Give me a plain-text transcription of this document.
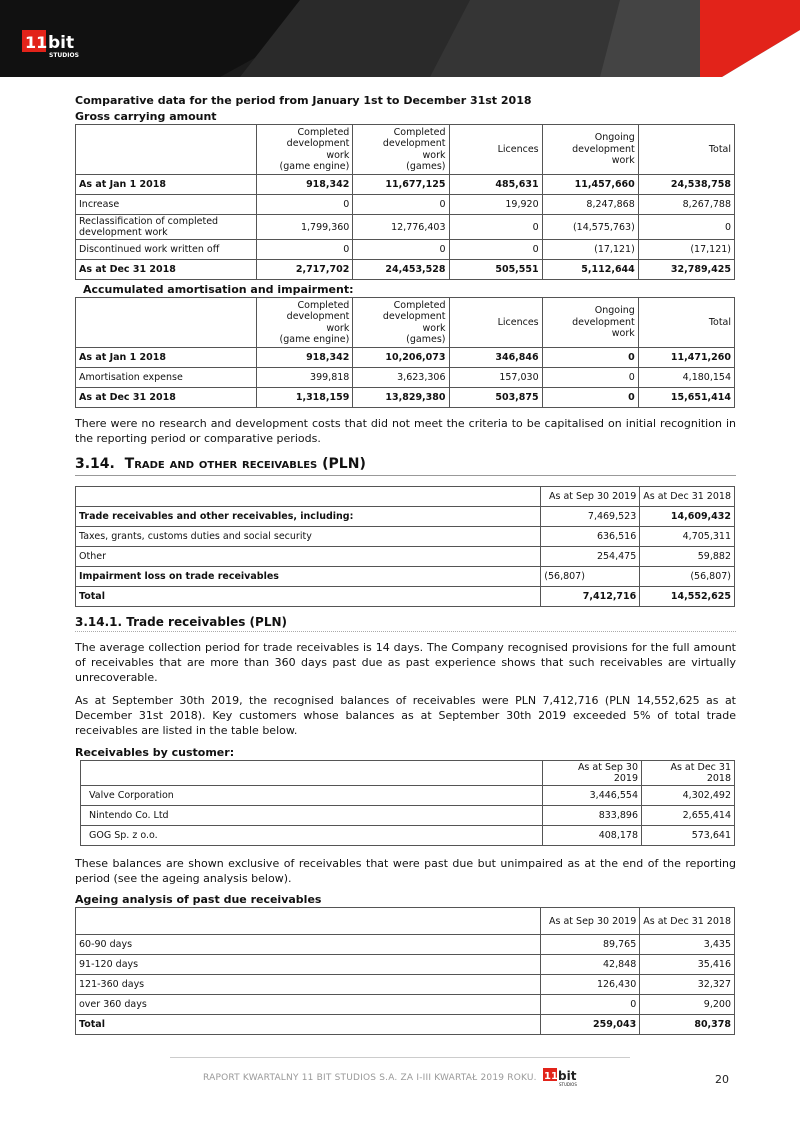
11 bit
STUDIOS

Comparative data for the period from January 1st to December 31st 2018

Gross carrying amount

	Completed
development
work
(game engine)	Completed
development
work
(games)	Licences	Ongoing
development
work	Total
As at Jan 1 2018	918,342	11,677,125	485,631	11,457,660	24,538,758
Increase	0	0	19,920	8,247,868	8,267,788
Reclassification of completed development work	1,799,360	12,776,403	0	(14,575,763)	0
Discontinued work written off	0	0	0	(17,121)	(17,121)
As at Dec 31 2018	2,717,702	24,453,528	505,551	5,112,644	32,789,425

Accumulated amortisation and impairment:

	Completed
development
work
(game engine)	Completed
development
work
(games)	Licences	Ongoing
development
work	Total
As at Jan 1 2018	918,342	10,206,073	346,846	0	11,471,260
Amortisation expense	399,818	3,623,306	157,030	0	4,180,154
As at Dec 31 2018	1,318,159	13,829,380	503,875	0	15,651,414

There were no research and development costs that did not meet the criteria to be capitalised on initial recognition in the reporting period or comparative periods.

3.14. Trade and other receivables (PLN)
	As at Sep 30 2019	As at Dec 31 2018
Trade receivables and other receivables, including:	7,469,523	14,609,432
Taxes, grants, customs duties and social security	636,516	4,705,311
Other	254,475	59,882
Impairment loss on trade receivables	(56,807)	(56,807)
Total	7,412,716	14,552,625
3.14.1. Trade receivables (PLN)

The average collection period for trade receivables is 14 days. The Company recognised provisions for the full amount of receivables that are more than 360 days past due as past experience shows that such receivables are virtually unrecoverable.

As at September 30th 2019, the recognised balances of receivables were PLN 7,412,716 (PLN 14,552,625 as at December 31st 2018). Key customers whose balances as at September 30th 2019 exceeded 5% of total trade receivables are listed in the table below.

Receivables by customer:

	As at Sep 30
2019	As at Dec 31
2018
Valve Corporation	3,446,554	4,302,492
Nintendo Co. Ltd	833,896	2,655,414
GOG Sp. z o.o.	408,178	573,641

These balances are shown exclusive of receivables that were past due but unimpaired as at the end of the reporting period (see the ageing analysis below).

Ageing analysis of past due receivables

	As at Sep 30 2019	As at Dec 31 2018
60-90 days	89,765	3,435
91-120 days	42,848	35,416
121-360 days	126,430	32,327
over 360 days	0	9,200
Total	259,043	80,378
RAPORT KWARTALNY 11 BIT STUDIOS S.A. ZA I-III KWARTAŁ 2019 ROKU. 11 bit
STUDIOS	20
